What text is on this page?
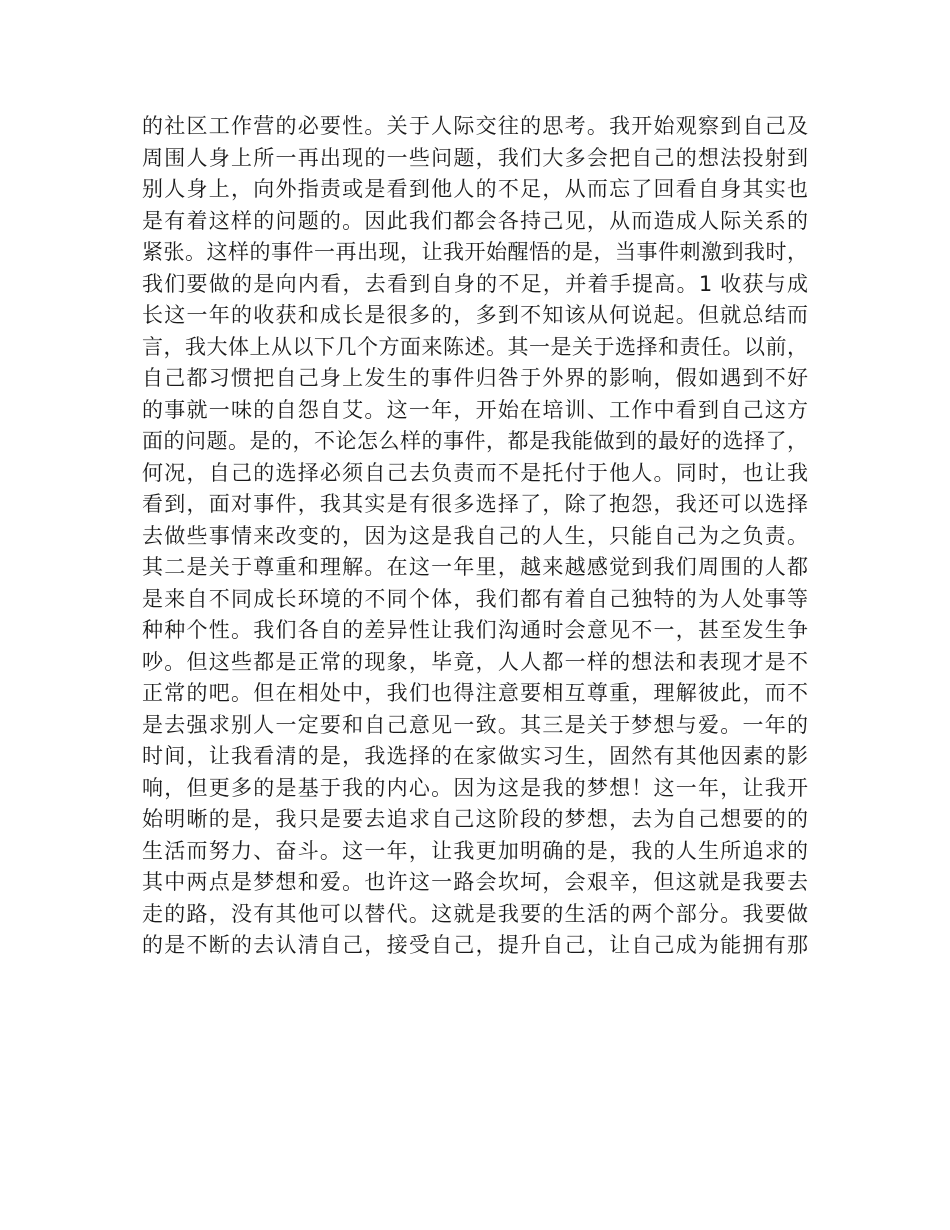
的社区工作营的必要性。关于人际交往的思考。我开始观察到自己及
周围人身上所一再出现的一些问题，我们大多会把自己的想法投射到
别人身上，向外指责或是看到他人的不足，从而忘了回看自身其实也
是有着这样的问题的。因此我们都会各持己见，从而造成人际关系的
紧张。这样的事件一再出现，让我开始醒悟的是，当事件刺激到我时，
我们要做的是向内看，去看到自身的不足，并着手提高。1 收获与成
长这一年的收获和成长是很多的，多到不知该从何说起。但就总结而
言，我大体上从以下几个方面来陈述。其一是关于选择和责任。以前，
自己都习惯把自己身上发生的事件归咎于外界的影响，假如遇到不好
的事就一味的自怨自艾。这一年，开始在培训、工作中看到自己这方
面的问题。是的，不论怎么样的事件，都是我能做到的最好的选择了，
何况，自己的选择必须自己去负责而不是托付于他人。同时，也让我
看到，面对事件，我其实是有很多选择了，除了抱怨，我还可以选择
去做些事情来改变的，因为这是我自己的人生，只能自己为之负责。
其二是关于尊重和理解。在这一年里，越来越感觉到我们周围的人都
是来自不同成长环境的不同个体，我们都有着自己独特的为人处事等
种种个性。我们各自的差异性让我们沟通时会意见不一，甚至发生争
吵。但这些都是正常的现象，毕竟，人人都一样的想法和表现才是不
正常的吧。但在相处中，我们也得注意要相互尊重，理解彼此，而不
是去强求别人一定要和自己意见一致。其三是关于梦想与爱。一年的
时间，让我看清的是，我选择的在家做实习生，固然有其他因素的影
响，但更多的是基于我的内心。因为这是我的梦想！这一年，让我开
始明晰的是，我只是要去追求自己这阶段的梦想，去为自己想要的的
生活而努力、奋斗。这一年，让我更加明确的是，我的人生所追求的
其中两点是梦想和爱。也许这一路会坎坷，会艰辛，但这就是我要去
走的路，没有其他可以替代。这就是我要的生活的两个部分。我要做
的是不断的去认清自己，接受自己，提升自己，让自己成为能拥有那
